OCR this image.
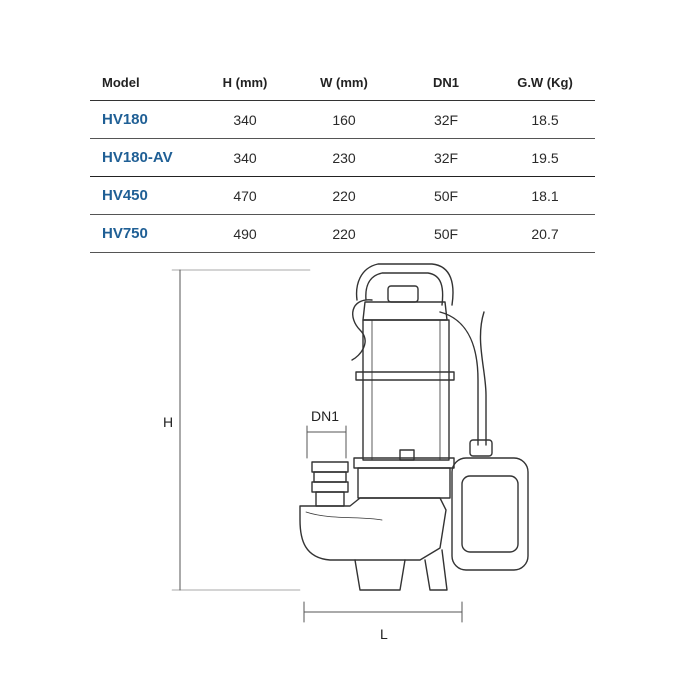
Model	H (mm)	W (mm)	DN1	G.W (Kg)
HV180	340	160	32F	18.5
HV180-AV	340	230	32F	19.5
HV450	470	220	50F	18.1
HV750	490	220	50F	20.7
H
L
DN1
